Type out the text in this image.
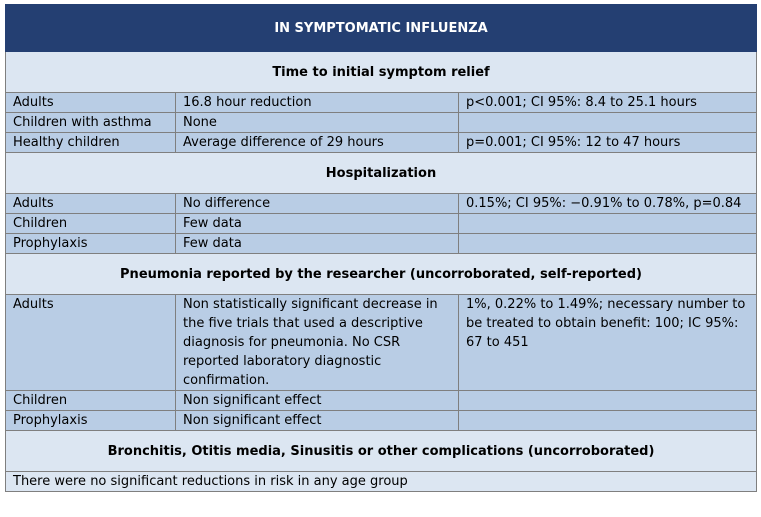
IN SYMPTOMATIC INFLUENZA		
Time to initial symptom relief		
Adults	16.8 hour reduction	p<0.001; CI 95%: 8.4 to 25.1 hours
Children with asthma	None	
Healthy children	Average difference of 29 hours	p=0.001; CI 95%: 12 to 47 hours
Hospitalization		
Adults	No difference	0.15%; CI 95%: −0.91% to 0.78%, p=0.84
Children	Few data	
Prophylaxis	Few data	
Pneumonia reported by the researcher (uncorroborated, self-reported)		
Adults	Non statistically significant decrease in the five trials that used a descriptive diagnosis for pneumonia. No CSR reported laboratory diagnostic confirmation.	1%, 0.22% to 1.49%; necessary number to be treated to obtain benefit: 100; IC 95%: 67 to 451
Children	Non significant effect	
Prophylaxis	Non significant effect	
Bronchitis, Otitis media, Sinusitis or other complications (uncorroborated)		
There were no significant reductions in risk in any age group		
